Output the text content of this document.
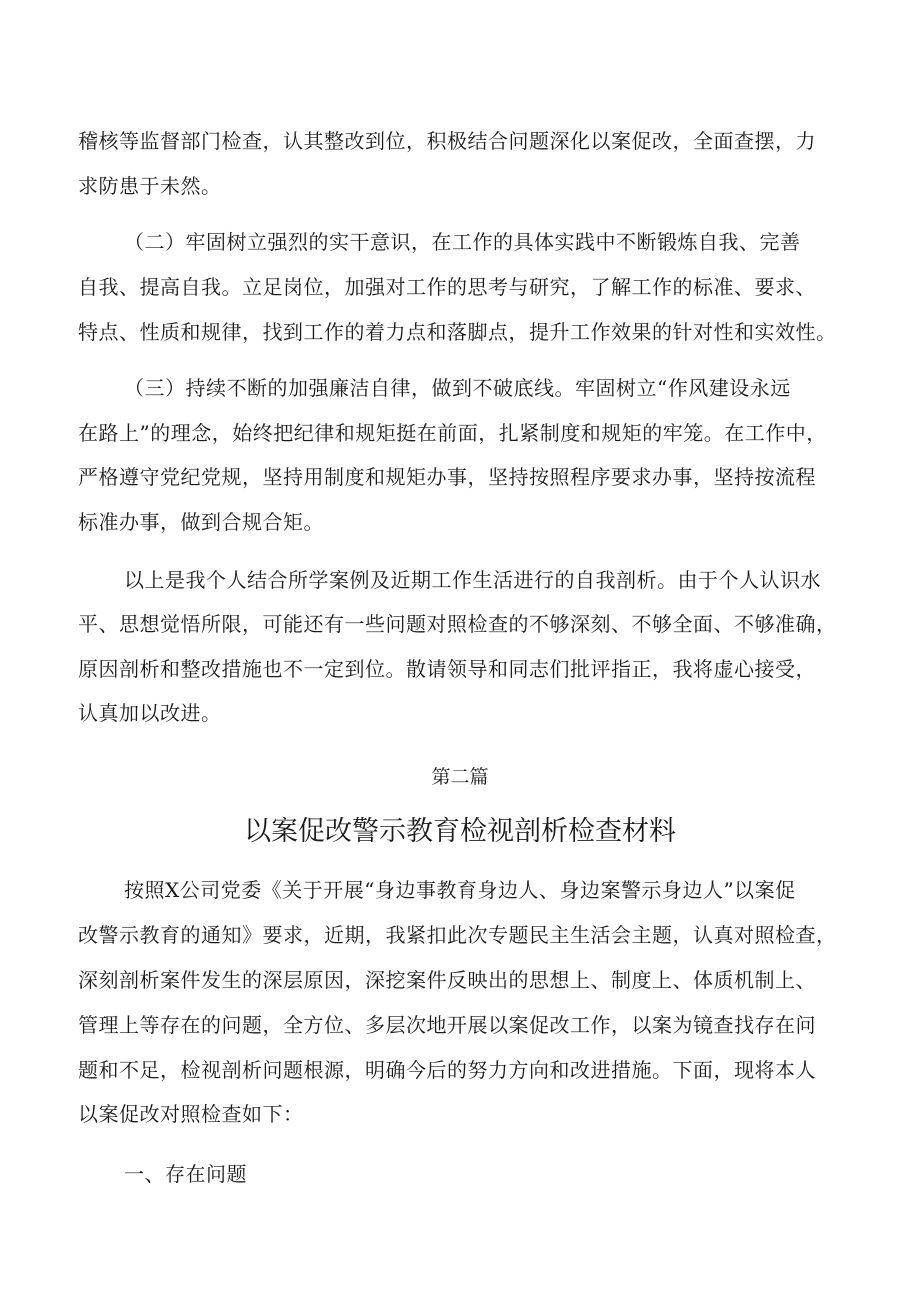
稽核等监督部门检查，认其整改到位，积极结合问题深化以案促改，全面查摆，力
求防患于未然。
（二）牢固树立强烈的实干意识，在工作的具体实践中不断锻炼自我、完善
自我、提高自我。立足岗位，加强对工作的思考与研究，了解工作的标准、要求、
特点、性质和规律，找到工作的着力点和落脚点，提升工作效果的针对性和实效性。
（三）持续不断的加强廉洁自律，做到不破底线。牢固树立“作风建设永远
在路上”的理念，始终把纪律和规矩挺在前面，扎紧制度和规矩的牢笼。在工作中，
严格遵守党纪党规，坚持用制度和规矩办事，坚持按照程序要求办事，坚持按流程
标准办事，做到合规合矩。
以上是我个人结合所学案例及近期工作生活进行的自我剖析。由于个人认识水
平、思想觉悟所限，可能还有一些问题对照检查的不够深刻、不够全面、不够准确，
原因剖析和整改措施也不一定到位。散请领导和同志们批评指正，我将虚心接受，
认真加以改进。
第二篇
以案促改警示教育检视剖析检查材料
按照X公司党委《关于开展“身边事教育身边人、身边案警示身边人”以案促
改警示教育的通知》要求，近期，我紧扣此次专题民主生活会主题，认真对照检查，
深刻剖析案件发生的深层原因，深挖案件反映出的思想上、制度上、体质机制上、
管理上等存在的问题，全方位、多层次地开展以案促改工作，以案为镜查找存在问
题和不足，检视剖析问题根源，明确今后的努力方向和改进措施。下面，现将本人
以案促改对照检查如下：
一、存在问题
